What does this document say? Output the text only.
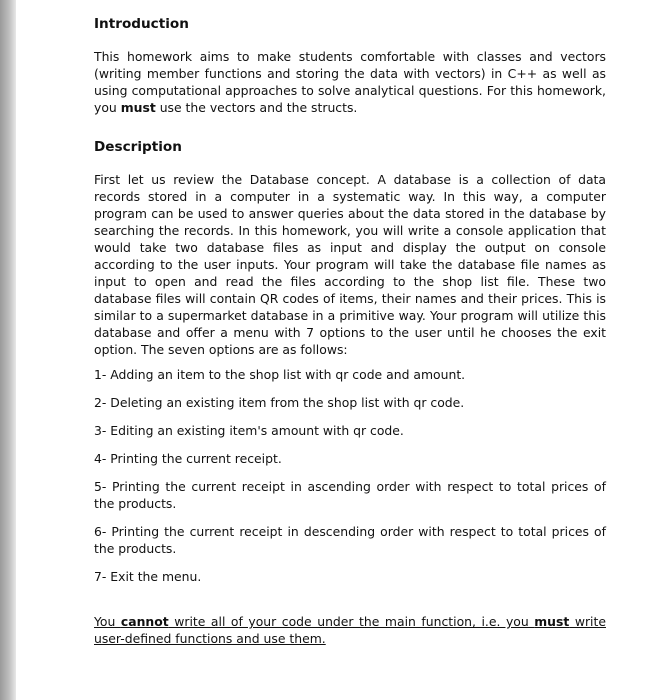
Introduction

This homework aims to make students comfortable with classes and vectors (writing member functions and storing the data with vectors) in C++ as well as using computational approaches to solve analytical questions. For this homework, you must use the vectors and the structs.

Description

First let us review the Database concept. A database is a collection of data records stored in a computer in a systematic way. In this way, a computer program can be used to answer queries about the data stored in the database by searching the records. In this homework, you will write a console application that would take two database files as input and display the output on console according to the user inputs. Your program will take the database file names as input to open and read the files according to the shop list file. These two database files will contain QR codes of items, their names and their prices. This is similar to a supermarket database in a primitive way. Your program will utilize this database and offer a menu with 7 options to the user until he chooses the exit option. The seven options are as follows:

1- Adding an item to the shop list with qr code and amount.
2- Deleting an existing item from the shop list with qr code.
3- Editing an existing item's amount with qr code.
4- Printing the current receipt.
5- Printing the current receipt in ascending order with respect to total prices of the products.
6- Printing the current receipt in descending order with respect to total prices of the products.
7- Exit the menu.

You cannot write all of your code under the main function, i.e. you must write user-defined functions and use them.
